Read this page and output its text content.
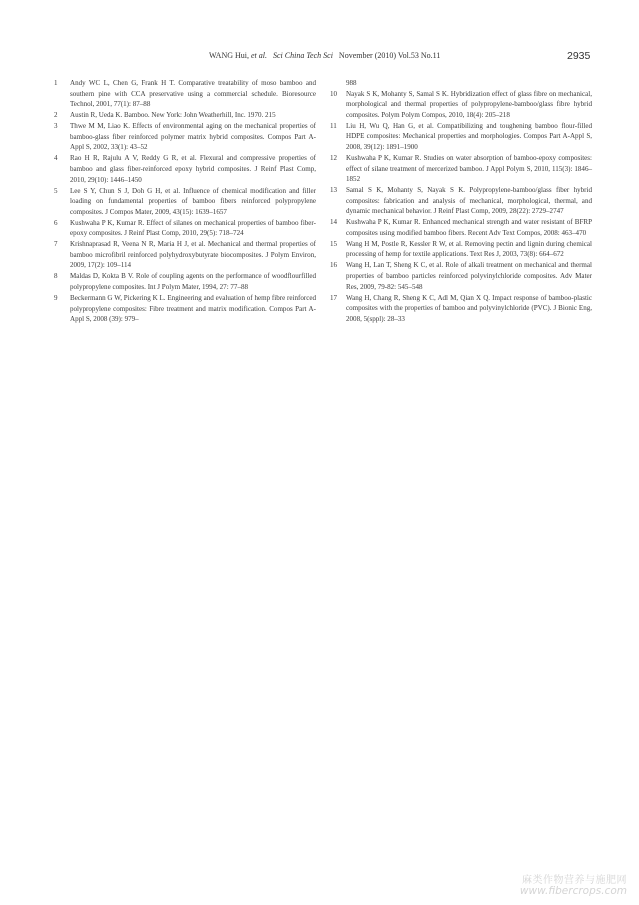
WANG Hui, et al. Sci China Tech Sci November (2010) Vol.53 No.11	2935
1 Andy WC L, Chen G, Frank H T. Comparative treatability of moso bamboo and southern pine with CCA preservative using a commercial schedule. Bioresource Technol, 2001, 77(1): 87–88
2 Austin R, Ueda K. Bamboo. New York: John Weatherhill, Inc. 1970. 215
3 Thwe M M, Liao K. Effects of environmental aging on the mechanical properties of bamboo-glass fiber reinforced polymer matrix hybrid composites. Compos Part A-Appl S, 2002, 33(1): 43–52
4 Rao H R, Rajulu A V, Reddy G R, et al. Flexural and compressive properties of bamboo and glass fiber-reinforced epoxy hybrid composites. J Reinf Plast Comp, 2010, 29(10): 1446–1450
5 Lee S Y, Chun S J, Doh G H, et al. Influence of chemical modification and filler loading on fundamental properties of bamboo fibers reinforced polypropylene composites. J Compos Mater, 2009, 43(15): 1639–1657
6 Kushwaha P K, Kumar R. Effect of silanes on mechanical properties of bamboo fiber-epoxy composites. J Reinf Plast Comp, 2010, 29(5): 718–724
7 Krishnaprasad R, Veena N R, Maria H J, et al. Mechanical and thermal properties of bamboo microfibril reinforced polyhydroxybutyrate biocomposites. J Polym Environ, 2009, 17(2): 109–114
8 Maldas D, Kokta B V. Role of coupling agents on the performance of woodflourfilled polypropylene composites. Int J Polym Mater, 1994, 27: 77–88
9 Beckermann G W, Pickering K L. Engineering and evaluation of hemp fibre reinforced polypropylene composites: Fibre treatment and matrix modification. Compos Part A-Appl S, 2008 (39): 979–
988
10 Nayak S K, Mohanty S, Samal S K. Hybridization effect of glass fibre on mechanical, morphological and thermal properties of polypropylene-bamboo/glass fibre hybrid composites. Polym Polym Compos, 2010, 18(4): 205–218
11 Liu H, Wu Q, Han G, et al. Compatibilizing and toughening bamboo flour-filled HDPE composites: Mechanical properties and morphologies. Compos Part A-Appl S, 2008, 39(12): 1891–1900
12 Kushwaha P K, Kumar R. Studies on water absorption of bamboo-epoxy composites: effect of silane treatment of mercerized bamboo. J Appl Polym S, 2010, 115(3): 1846–1852
13 Samal S K, Mohanty S, Nayak S K. Polypropylene-bamboo/glass fiber hybrid composites: fabrication and analysis of mechanical, morphological, thermal, and dynamic mechanical behavior. J Reinf Plast Comp, 2009, 28(22): 2729–2747
14 Kushwaha P K, Kumar R. Enhanced mechanical strength and water resistant of BFRP composites using modified bamboo fibers. Recent Adv Text Compos, 2008: 463–470
15 Wang H M, Postle R, Kessler R W, et al. Removing pectin and lignin during chemical processing of hemp for textile applications. Text Res J, 2003, 73(8): 664–672
16 Wang H, Lan T, Sheng K C, et al. Role of alkali treatment on mechanical and thermal properties of bamboo particles reinforced polyvinylchloride composites. Adv Mater Res, 2009, 79-82: 545–548
17 Wang H, Chang R, Sheng K C, Adl M, Qian X Q. Impact response of bamboo-plastic composites with the properties of bamboo and polyvinylchloride (PVC). J Bionic Eng, 2008, 5(sppl): 28–33
麻类作物营养与施肥网
www.fibercrops.com
